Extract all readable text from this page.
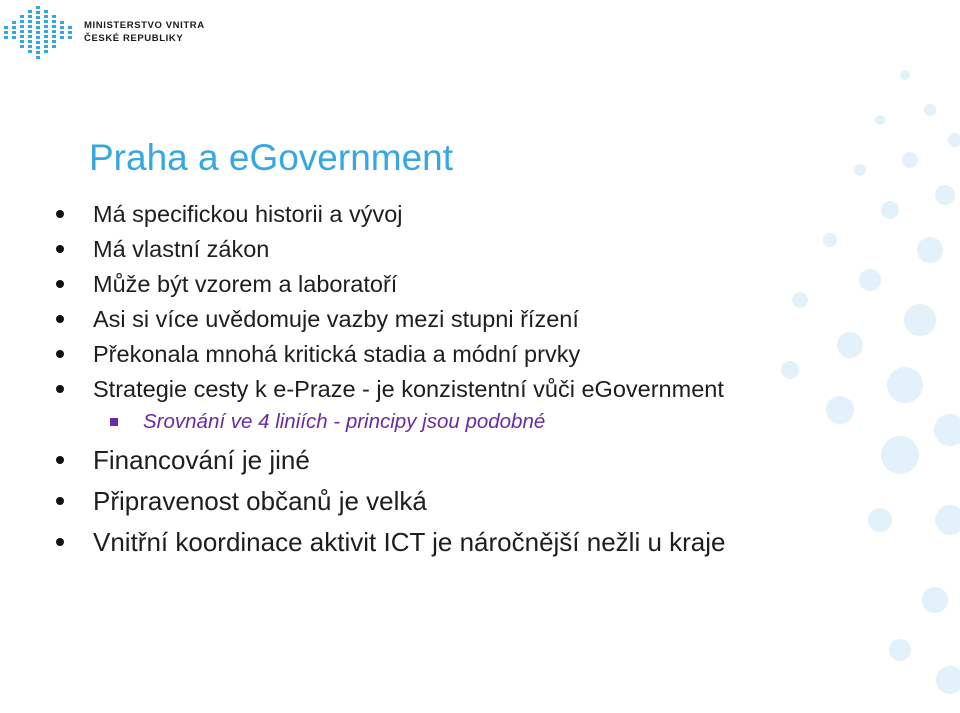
MINISTERSTVO VNITRA
ČESKÉ REPUBLIKY
Praha a eGovernment
Má specifickou historii a vývoj
Má vlastní zákon
Může být vzorem a laboratoří
Asi si více uvědomuje vazby mezi stupni řízení
Překonala mnohá kritická stadia a módní prvky
Strategie cesty k e-Praze - je konzistentní vůči eGovernment
Srovnání ve 4 liniích - principy jsou podobné
Financování je jiné
Připravenost občanů je velká
Vnitřní koordinace aktivit ICT je náročnější nežli u kraje
